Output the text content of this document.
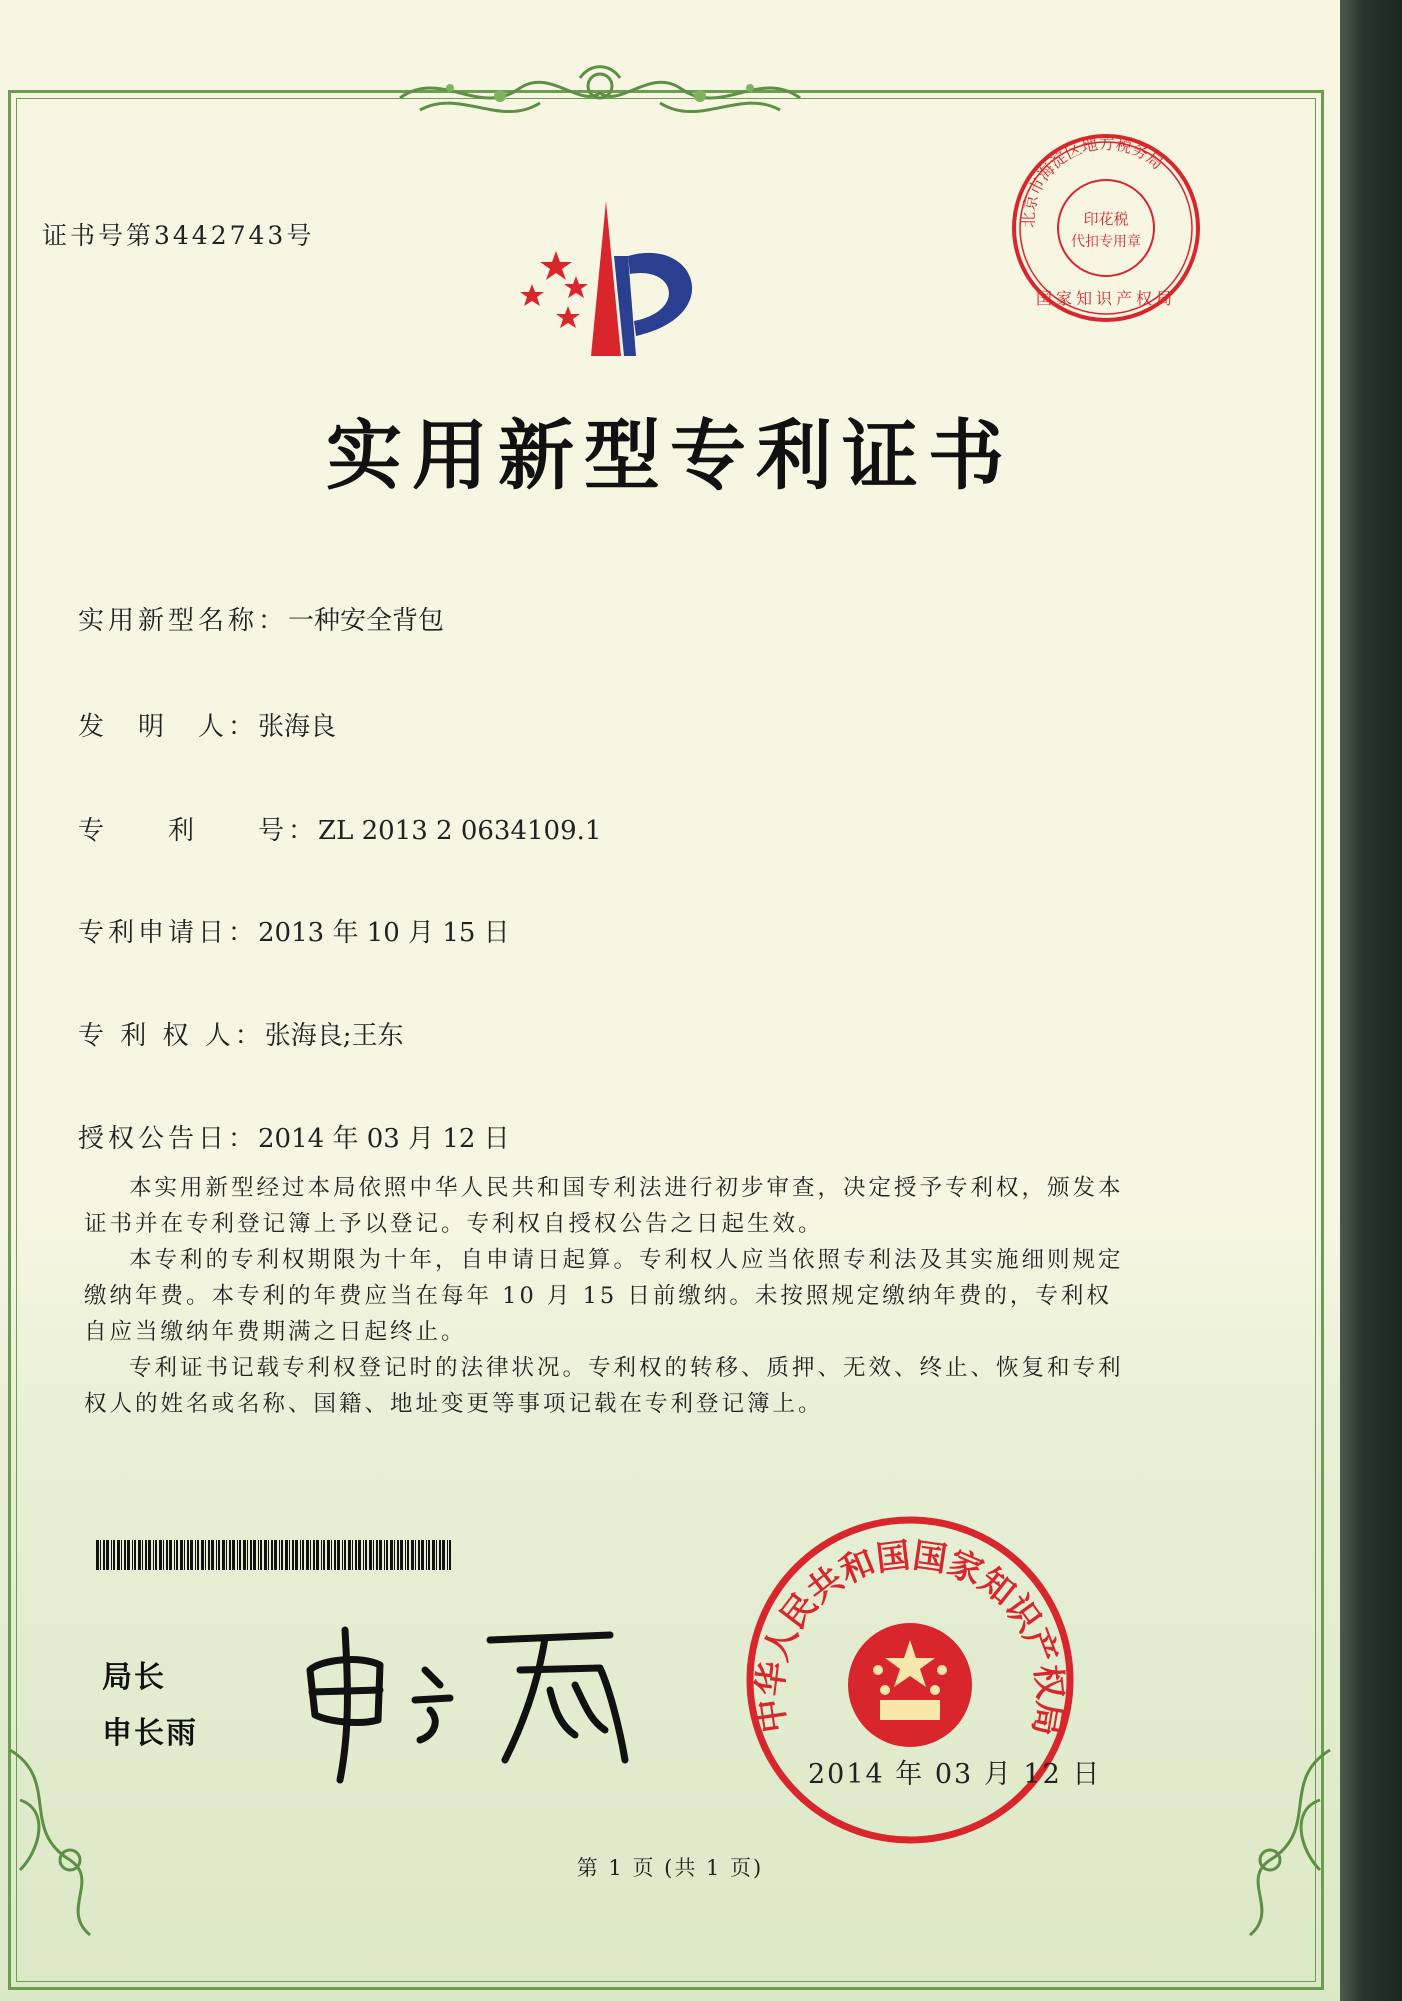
北京市海淀区地方税务局
印花税
代扣专用章
国家知识产权局
证书号第3442743号
实用新型专利证书
实用新型名称：一种安全背包
发　明　人：张海良
专　　利　　号：ZL 2013 2 0634109.1
专利申请日：2013 年 10 月 15 日
专 利 权 人：张海良;王东
授权公告日：2014 年 03 月 12 日

本实用新型经过本局依照中华人民共和国专利法进行初步审查，决定授予专利权，颁发本证书并在专利登记簿上予以登记。专利权自授权公告之日起生效。

本专利的专利权期限为十年，自申请日起算。专利权人应当依照专利法及其实施细则规定缴纳年费。本专利的年费应当在每年 10 月 15 日前缴纳。未按照规定缴纳年费的，专利权自应当缴纳年费期满之日起终止。

专利证书记载专利权登记时的法律状况。专利权的转移、质押、无效、终止、恢复和专利权人的姓名或名称、国籍、地址变更等事项记载在专利登记簿上。

局长
申长雨	中华人民共和国国家知识产权局
2014 年 03 月 12 日
第 1 页 (共 1 页)
